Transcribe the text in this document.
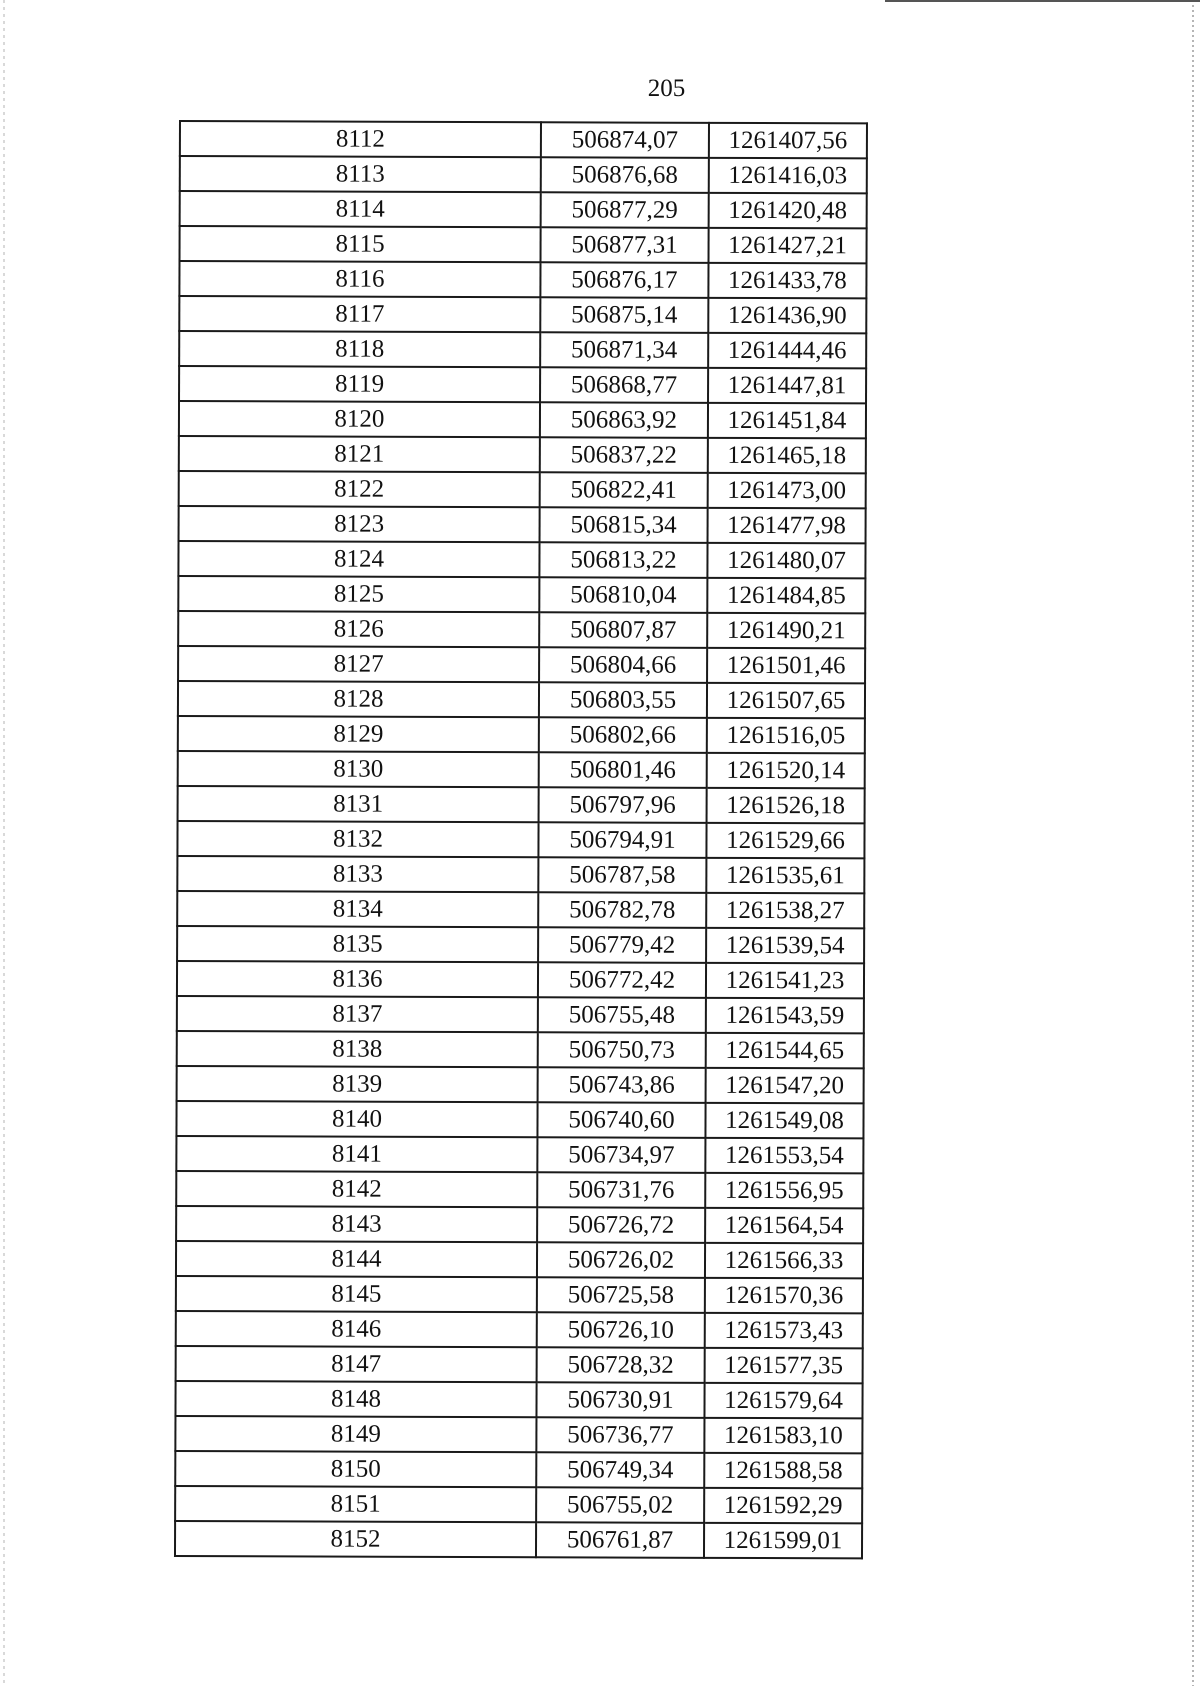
205
8112	506874,07	1261407,56
8113	506876,68	1261416,03
8114	506877,29	1261420,48
8115	506877,31	1261427,21
8116	506876,17	1261433,78
8117	506875,14	1261436,90
8118	506871,34	1261444,46
8119	506868,77	1261447,81
8120	506863,92	1261451,84
8121	506837,22	1261465,18
8122	506822,41	1261473,00
8123	506815,34	1261477,98
8124	506813,22	1261480,07
8125	506810,04	1261484,85
8126	506807,87	1261490,21
8127	506804,66	1261501,46
8128	506803,55	1261507,65
8129	506802,66	1261516,05
8130	506801,46	1261520,14
8131	506797,96	1261526,18
8132	506794,91	1261529,66
8133	506787,58	1261535,61
8134	506782,78	1261538,27
8135	506779,42	1261539,54
8136	506772,42	1261541,23
8137	506755,48	1261543,59
8138	506750,73	1261544,65
8139	506743,86	1261547,20
8140	506740,60	1261549,08
8141	506734,97	1261553,54
8142	506731,76	1261556,95
8143	506726,72	1261564,54
8144	506726,02	1261566,33
8145	506725,58	1261570,36
8146	506726,10	1261573,43
8147	506728,32	1261577,35
8148	506730,91	1261579,64
8149	506736,77	1261583,10
8150	506749,34	1261588,58
8151	506755,02	1261592,29
8152	506761,87	1261599,01
